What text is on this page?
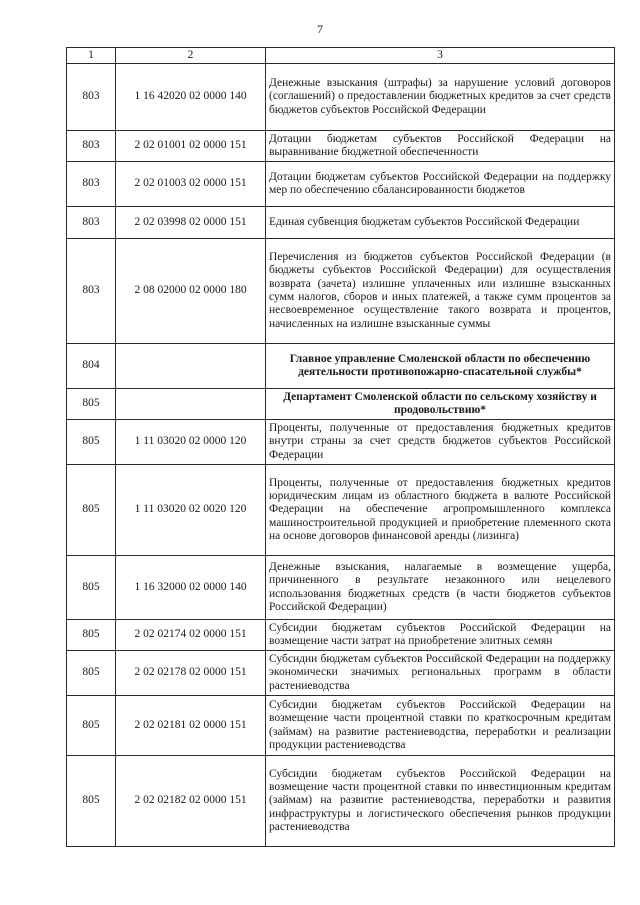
7
1	2	3
803	1 16 42020 02 0000 140	Денежные взыскания (штрафы) за нарушение условий договоров (соглашений) о предоставлении бюджетных кредитов за счет средств бюджетов субъектов Российской Федерации
803	2 02 01001 02 0000 151	Дотации бюджетам субъектов Российской Федерации на выравнивание бюджетной обеспеченности
803	2 02 01003 02 0000 151	Дотации бюджетам субъектов Российской Федерации на поддержку мер по обеспечению сбалансированности бюджетов
803	2 02 03998 02 0000 151	Единая субвенция бюджетам субъектов Российской Федерации
803	2 08 02000 02 0000 180	Перечисления из бюджетов субъектов Российской Федерации (в бюджеты субъектов Российской Федерации) для осуществления возврата (зачета) излишне уплаченных или излишне взысканных сумм налогов, сборов и иных платежей, а также сумм процентов за несвоевременное осуществление такого возврата и процентов, начисленных на излишне взысканные суммы
804		Главное управление Смоленской области по обеспечению деятельности противопожарно-спасательной службы*
805		Департамент Смоленской области по сельскому хозяйству и продовольствию*
805	1 11 03020 02 0000 120	Проценты, полученные от предоставления бюджетных кредитов внутри страны за счет средств бюджетов субъектов Российской Федерации
805	1 11 03020 02 0020 120	Проценты, полученные от предоставления бюджетных кредитов юридическим лицам из областного бюджета в валюте Российской Федерации на обеспечение агропромышленного комплекса машиностроительной продукцией и приобретение племенного скота на основе договоров финансовой аренды (лизинга)
805	1 16 32000 02 0000 140	Денежные взыскания, налагаемые в возмещение ущерба, причиненного в результате незаконного или нецелевого использования бюджетных средств (в части бюджетов субъектов Российской Федерации)
805	2 02 02174 02 0000 151	Субсидии бюджетам субъектов Российской Федерации на возмещение части затрат на приобретение элитных семян
805	2 02 02178 02 0000 151	Субсидии бюджетам субъектов Российской Федерации на поддержку экономически значимых региональных программ в области растениеводства
805	2 02 02181 02 0000 151	Субсидии бюджетам субъектов Российской Федерации на возмещение части процентной ставки по краткосрочным кредитам (займам) на развитие растениеводства, переработки и реализации продукции растениеводства
805	2 02 02182 02 0000 151	Субсидии бюджетам субъектов Российской Федерации на возмещение части процентной ставки по инвестиционным кредитам (займам) на развитие растениеводства, переработки и развития инфраструктуры и логистического обеспечения рынков продукции растениеводства
